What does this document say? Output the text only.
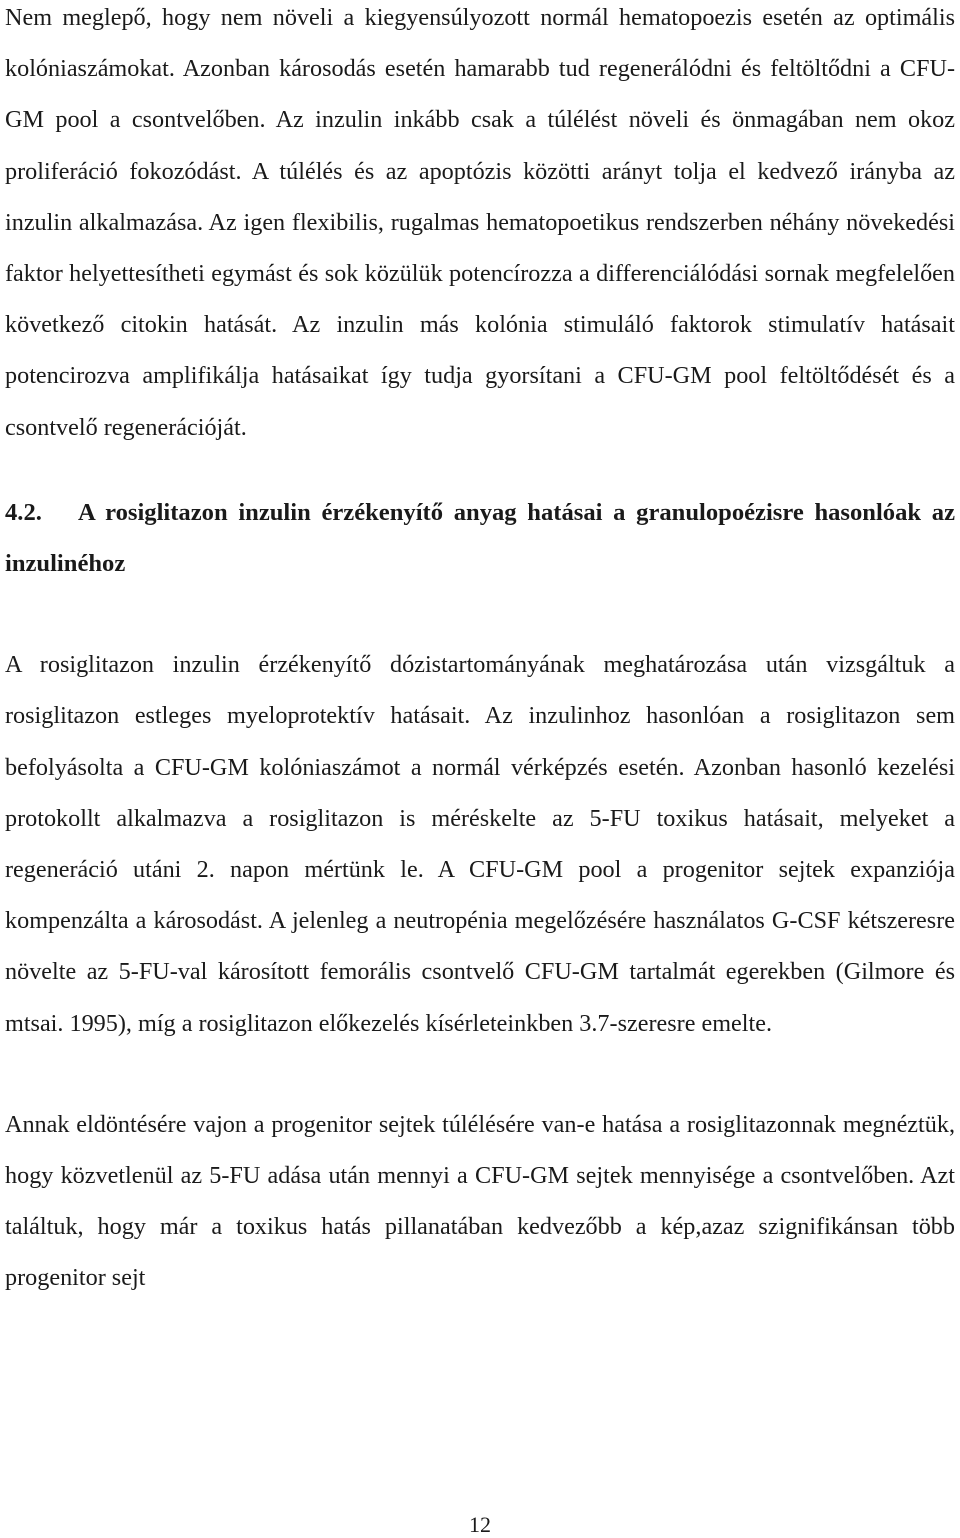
Nem meglepő, hogy nem növeli a kiegyensúlyozott normál hematopoezis esetén az optimális kolóniaszámokat. Azonban károsodás esetén hamarabb tud regenerálódni és feltöltődni a CFU-GM pool a csontvelőben. Az inzulin inkább csak a túlélést növeli és önmagában nem okoz proliferáció fokozódást. A túlélés és az apoptózis közötti arányt tolja el kedvező irányba az inzulin alkalmazása. Az igen flexibilis, rugalmas hematopoetikus rendszerben néhány növekedési faktor helyettesítheti egymást és sok közülük potencírozza a differenciálódási sornak megfelelően következő citokin hatását. Az inzulin más kolónia stimuláló faktorok stimulatív hatásait potencirozva amplifikálja hatásaikat így tudja gyorsítani a CFU-GM pool feltöltődését és a csontvelő regenerációját.

4.2. A rosiglitazon inzulin érzékenyítő anyag hatásai a granulopoézisre hasonlóak az inzulinéhoz

A rosiglitazon inzulin érzékenyítő dózistartományának meghatározása után vizsgáltuk a rosiglitazon estleges myeloprotektív hatásait. Az inzulinhoz hasonlóan a rosiglitazon sem befolyásolta a CFU-GM kolóniaszámot a normál vérképzés esetén. Azonban hasonló kezelési protokollt alkalmazva a rosiglitazon is méréskelte az 5-FU toxikus hatásait, melyeket a regeneráció utáni 2. napon mértünk le. A CFU-GM pool a progenitor sejtek expanziója kompenzálta a károsodást. A jelenleg a neutropénia megelőzésére használatos G-CSF kétszeresre növelte az 5-FU-val károsított femorális csontvelő CFU-GM tartalmát egerekben (Gilmore és mtsai. 1995), míg a rosiglitazon előkezelés kísérleteinkben 3.7-szeresre emelte.

Annak eldöntésére vajon a progenitor sejtek túlélésére van-e hatása a rosiglitazonnak megnéztük, hogy közvetlenül az 5-FU adása után mennyi a CFU-GM sejtek mennyisége a csontvelőben. Azt találtuk, hogy már a toxikus hatás pillanatában kedvezőbb a kép,azaz szignifikánsan több progenitor sejt

12
